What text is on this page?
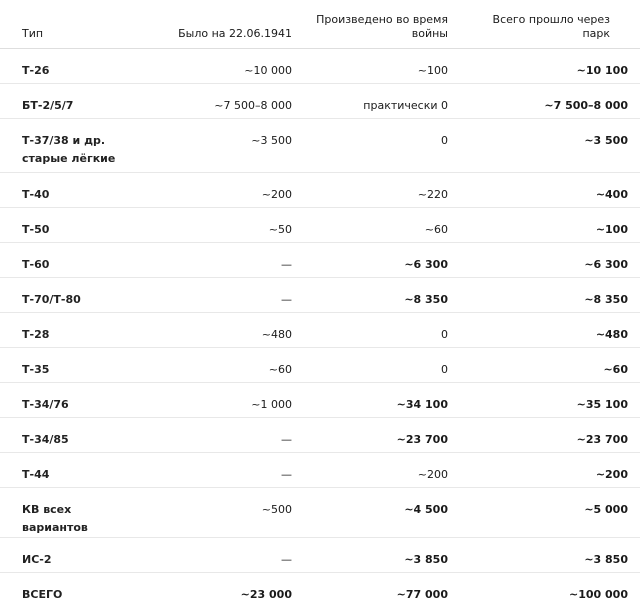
Тип	Было на 22.06.1941	Произведено во время войны	Всего прошло через парк
Т-26	~10 000	~100	~10 100
БТ-2/5/7	~7 500–8 000	практически 0	~7 500–8 000
Т-37/38 и др. старые лёгкие	~3 500	0	~3 500
Т-40	~200	~220	~400
Т-50	~50	~60	~100
Т-60	—	~6 300	~6 300
Т-70/Т-80	—	~8 350	~8 350
Т-28	~480	0	~480
Т-35	~60	0	~60
Т-34/76	~1 000	~34 100	~35 100
Т-34/85	—	~23 700	~23 700
Т-44	—	~200	~200
КВ всех вариантов	~500	~4 500	~5 000
ИС-2	—	~3 850	~3 850
ВСЕГО	~23 000	~77 000	~100 000
